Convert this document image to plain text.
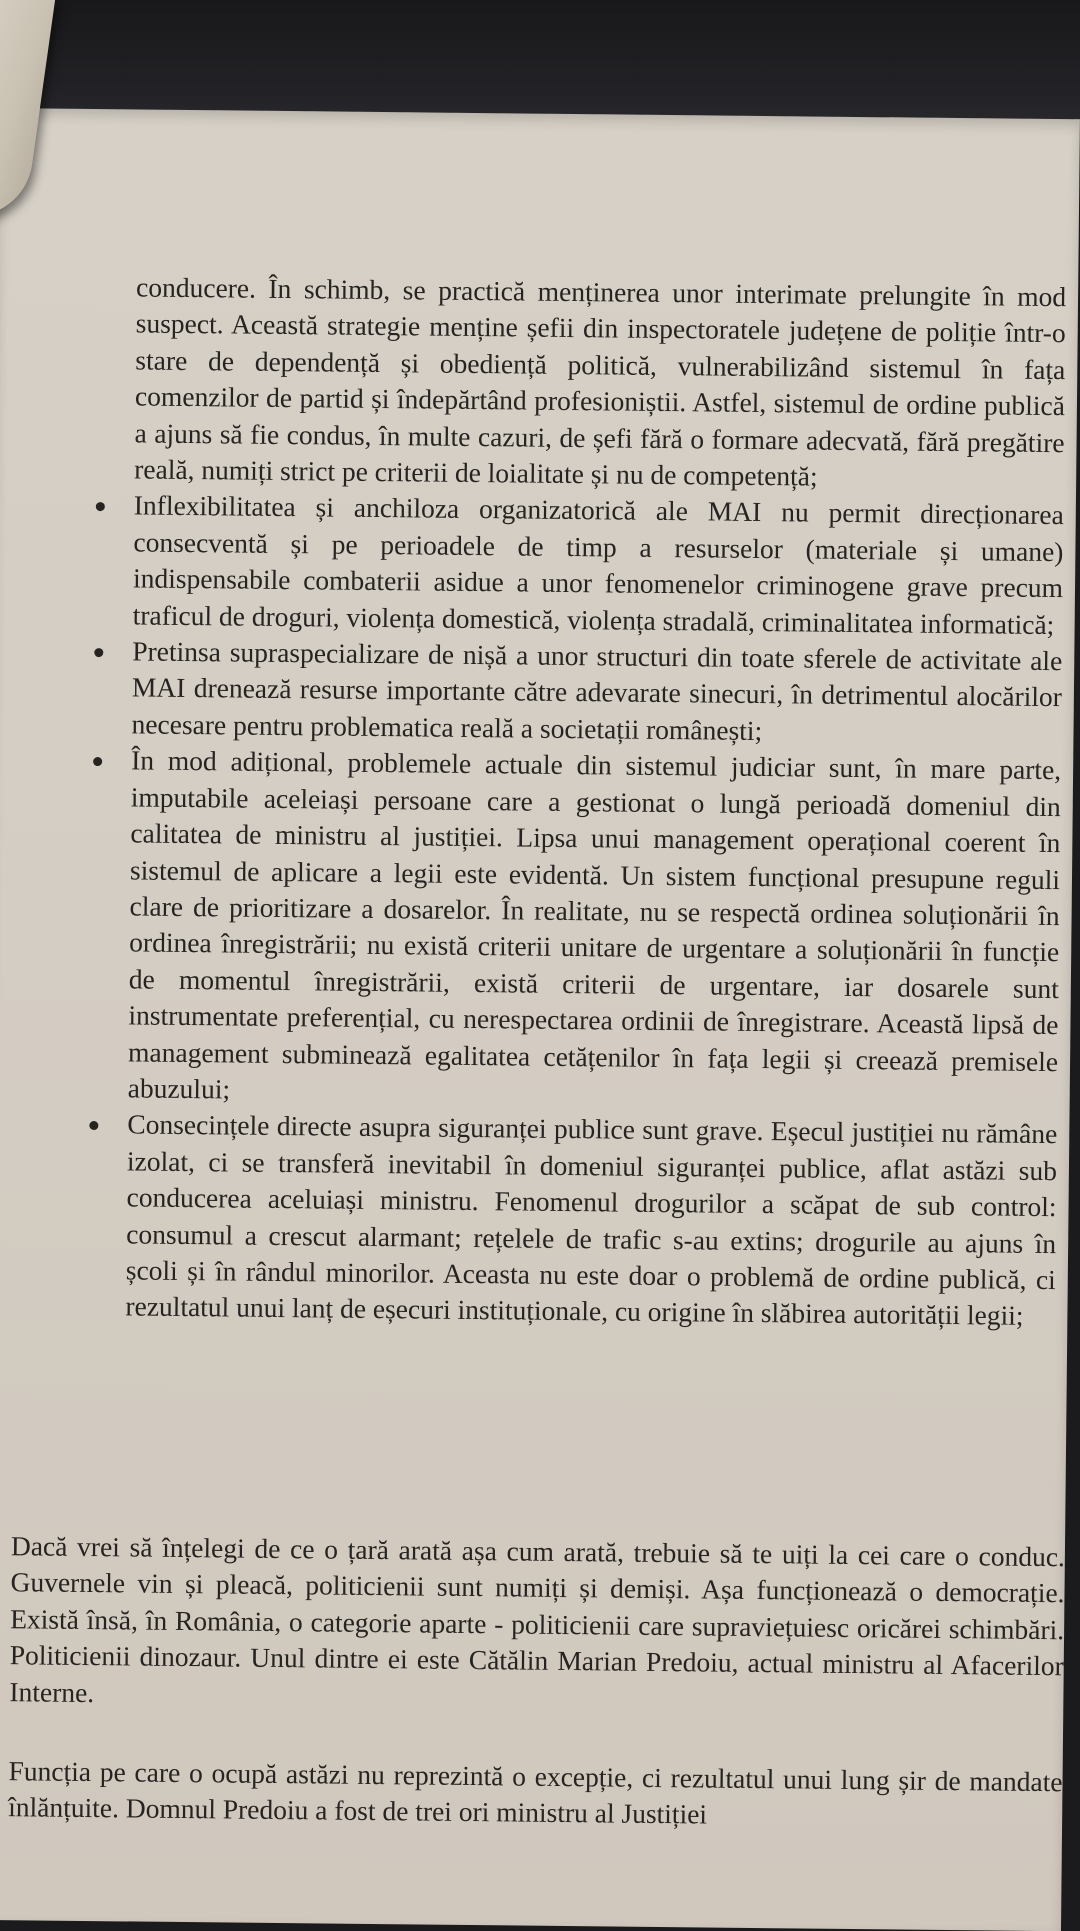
conducere. În schimb, se practică menținerea unor interimate prelungite în mod suspect. Această strategie menține șefii din inspectoratele județene de poliție într-o stare de dependență și obediență politică, vulnerabilizând sistemul în fața comenzilor de partid și îndepărtând profesioniștii. Astfel, sistemul de ordine publică a ajuns să fie condus, în multe cazuri, de șefi fără o formare adecvată, fără pregătire reală, numiți strict pe criterii de loialitate și nu de competență;

Inflexibilitatea și anchiloza organizatorică ale MAI nu permit direcționarea consecventă și pe perioadele de timp a resurselor (materiale și umane) indispensabile combaterii asidue a unor fenomenelor criminogene grave precum traficul de droguri, violența domestică, violența stradală, criminalitatea informatică;
Pretinsa supraspecializare de nișă a unor structuri din toate sferele de activitate ale MAI drenează resurse importante către adevarate sinecuri, în detrimentul alocărilor necesare pentru problematica reală a societații românești;
În mod adițional, problemele actuale din sistemul judiciar sunt, în mare parte, imputabile aceleiași persoane care a gestionat o lungă perioadă domeniul din calitatea de ministru al justiției. Lipsa unui management operațional coerent în sistemul de aplicare a legii este evidentă. Un sistem funcțional presupune reguli clare de prioritizare a dosarelor. În realitate, nu se respectă ordinea soluționării în ordinea înregistrării; nu există criterii unitare de urgentare a soluționării în funcție de momentul înregistrării, există criterii de urgentare, iar dosarele sunt instrumentate preferențial, cu nerespectarea ordinii de înregistrare. Această lipsă de management subminează egalitatea cetățenilor în fața legii și creează premisele abuzului;
Consecințele directe asupra siguranței publice sunt grave. Eșecul justiției nu rămâne izolat, ci se transferă inevitabil în domeniul siguranței publice, aflat astăzi sub conducerea aceluiași ministru. Fenomenul drogurilor a scăpat de sub control: consumul a crescut alarmant; rețelele de trafic s-au extins; drogurile au ajuns în școli și în rândul minorilor. Aceasta nu este doar o problemă de ordine publică, ci rezultatul unui lanț de eșecuri instituționale, cu origine în slăbirea autorității legii;

Dacă vrei să înțelegi de ce o țară arată așa cum arată, trebuie să te uiți la cei care o conduc. Guvernele vin și pleacă, politicienii sunt numiți și demiși. Așa funcționează o democrație. Există însă, în România, o categorie aparte - politicienii care supraviețuiesc oricărei schimbări. Politicienii dinozaur. Unul dintre ei este Cătălin Marian Predoiu, actual ministru al Afacerilor Interne.

Funcția pe care o ocupă astăzi nu reprezintă o excepție, ci rezultatul unui lung șir de mandate înlănțuite. Domnul Predoiu a fost de trei ori ministru al Justiției
